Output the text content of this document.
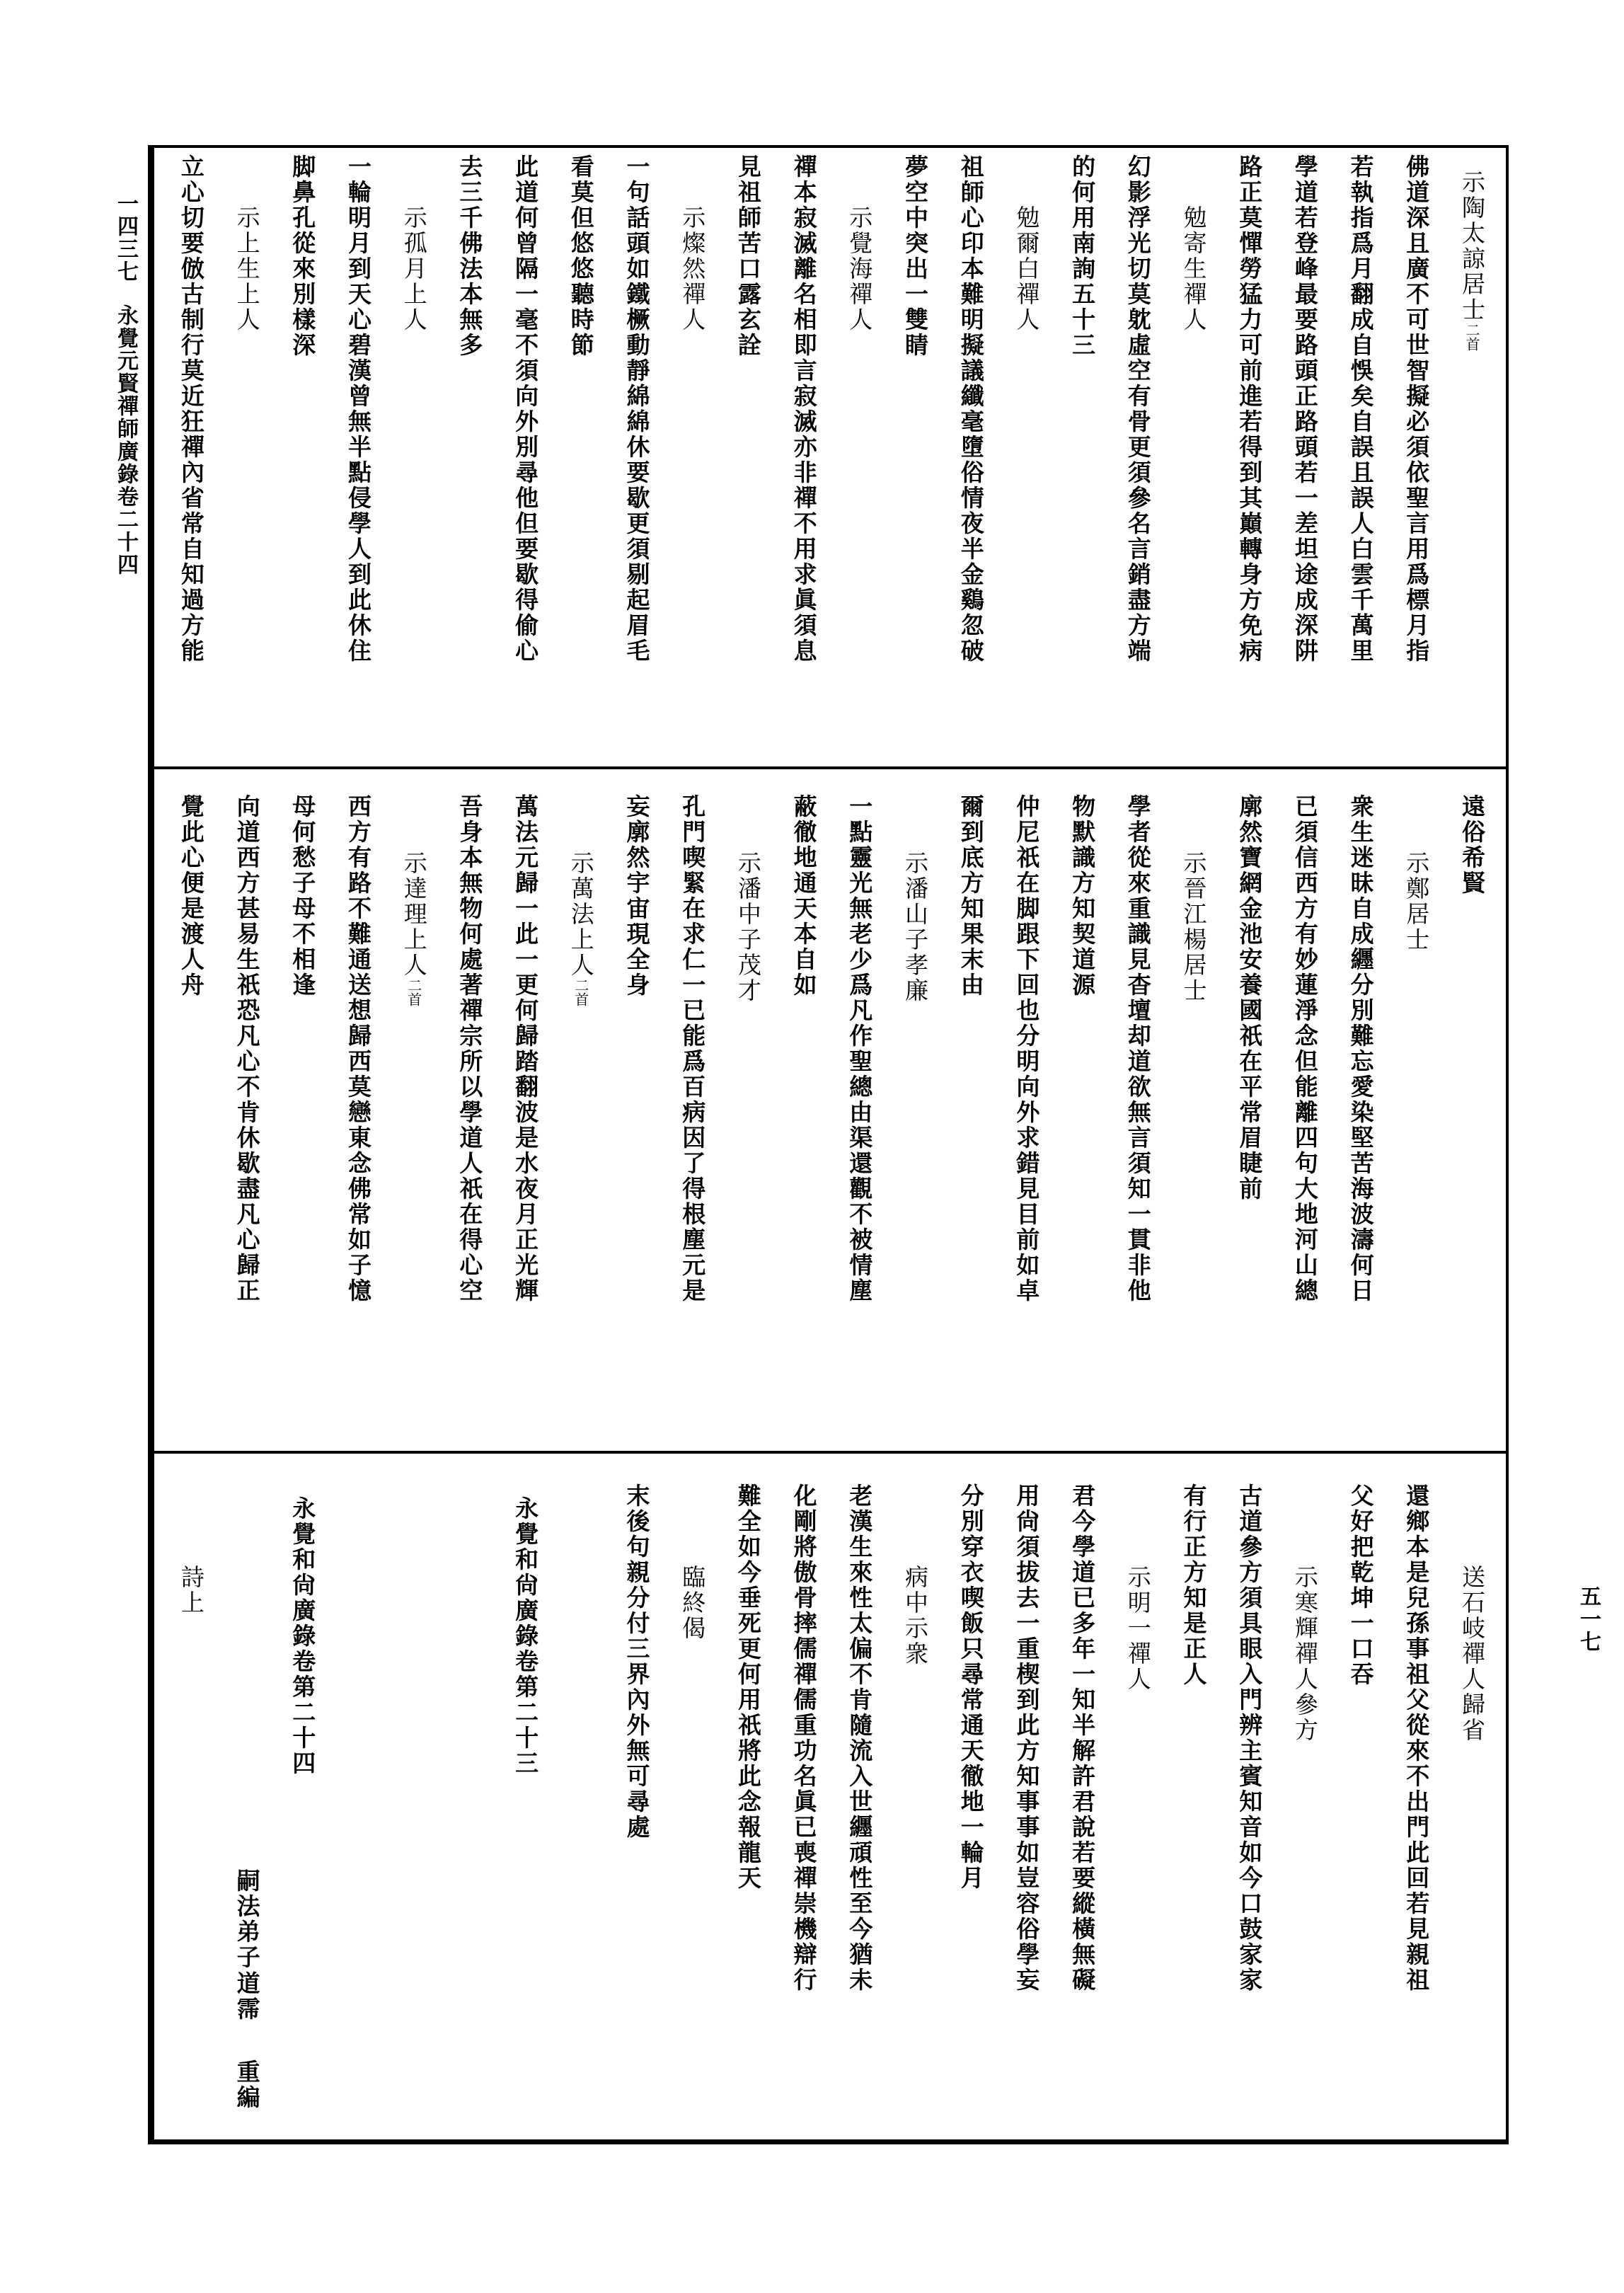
一四三七
永覺元賢禪師廣錄卷二十四
五一七
示陶太諒居士二首
佛道深且廣不可世智擬必須依聖言用爲標月指
若執指爲月翻成自悞矣自誤且誤人白雲千萬里
學道若登峰最要路頭正路頭若一差坦途成深阱
路正莫憚勞猛力可前進若得到其巔轉身方免病
勉寄生禪人
幻影浮光切莫躭虛空有骨更須參名言銷盡方端
的何用南詢五十三
勉爾白禪人
祖師心印本難明擬議纖毫墮俗情夜半金鷄忽破
夢空中突出一雙睛
示覺海禪人
禪本寂滅離名相即言寂滅亦非禪不用求眞須息
見祖師苦口露玄詮
示燦然禪人
一句話頭如鐵橛動靜綿綿休要歇更須剔起眉毛
看莫但悠悠聽時節
此道何曾隔一毫不須向外別尋他但要歇得偷心
去三千佛法本無多
示孤月上人
一輪明月到天心碧漢曾無半點侵學人到此休住
脚鼻孔從來別樣深
示上生上人
立心切要倣古制行莫近狂禪內省常自知過方能
遠俗希賢
示鄭居士
衆生迷昧自成纒分別難忘愛染堅苦海波濤何日
已須信西方有妙蓮淨念但能離四句大地河山總
廓然寶網金池安養國祇在平常眉睫前
示晉江楊居士
學者從來重識見杳壇却道欲無言須知一貫非他
物默識方知契道源
仲尼祇在脚跟下回也分明向外求錯見目前如卓
爾到底方知果末由
示潘山子孝廉
一點靈光無老少爲凡作聖總由渠還觀不被情塵
蔽徹地通天本自如
示潘中子茂才
孔門喫緊在求仁一已能爲百病因了得根塵元是
妄廓然宇宙現全身
示萬法上人二首
萬法元歸一此一更何歸踏翻波是水夜月正光輝
吾身本無物何處著禪宗所以學道人祇在得心空
示達理上人二首
西方有路不難通送想歸西莫戀東念佛常如子憶
母何愁子母不相逢
向道西方甚易生祇恐凡心不肯休歇盡凡心歸正
覺此心便是渡人舟
送石岐禪人歸省
還鄉本是兒孫事祖父從來不出門此回若見親祖
父好把乾坤一口吞
示寒輝禪人參方
古道參方須具眼入門辨主賓知音如今口鼓家家
有行正方知是正人
示明一禪人
君今學道已多年一知半解許君說若要縱橫無礙
用尙須拔去一重楔到此方知事事如豈容俗學妄
分別穿衣喫飯只尋常通天徹地一輪月
病中示衆
老漢生來性太偏不肯隨流入世纒頑性至今猶未
化剛將傲骨摔儒禪儒重功名眞已喪禪崇機辯行
難全如今垂死更何用祇將此念報龍天
臨終偈
末後句親分付三界內外無可尋處
永覺和尙廣錄卷第二十三
永覺和尙廣錄卷第二十四
嗣法弟子
道霈
重編
詩上
